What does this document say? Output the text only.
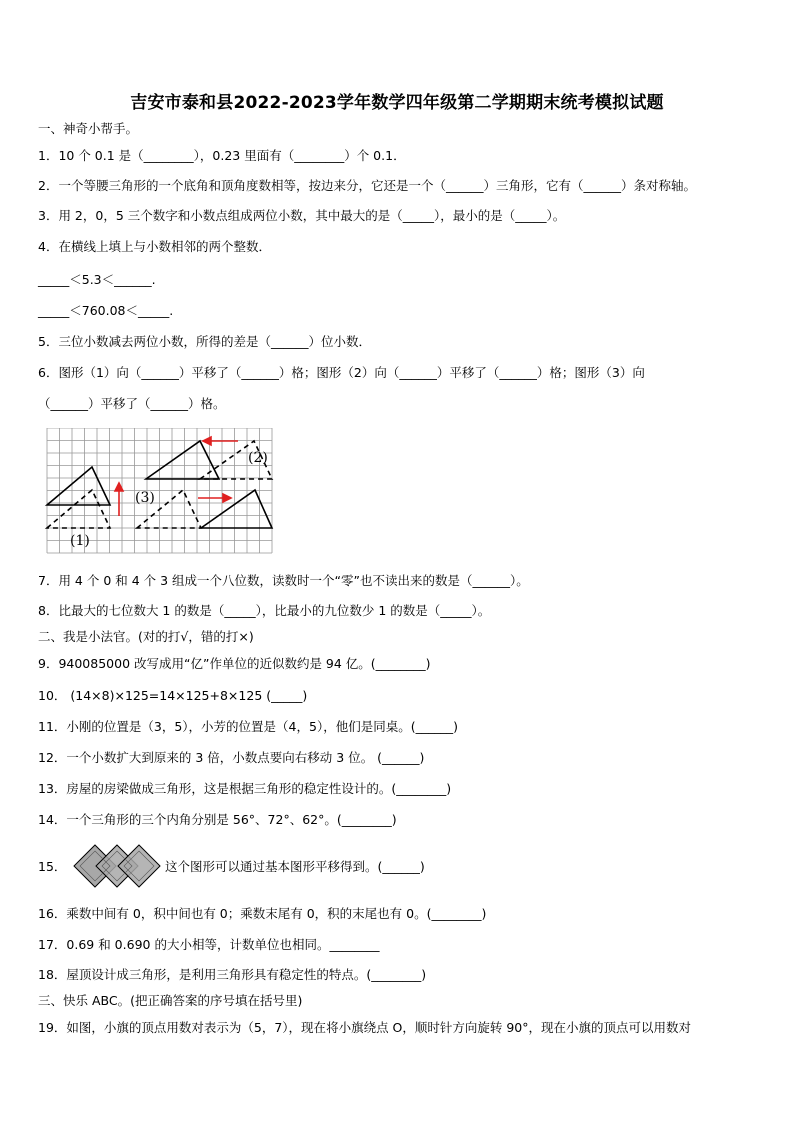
吉安市泰和县2022-2023学年数学四年级第二学期期末统考模拟试题
一、神奇小帮手。
1．10 个 0.1 是（________），0.23 里面有（________）个 0.1．
2．一个等腰三角形的一个底角和顶角度数相等，按边来分，它还是一个（______）三角形，它有（______）条对称轴。
3．用 2，0，5 三个数字和小数点组成两位小数，其中最大的是（_____），最小的是（_____）。
4．在横线上填上与小数相邻的两个整数．
_____＜5.3＜______.
_____＜760.08＜_____.
5．三位小数减去两位小数，所得的差是（______）位小数．
6．图形（1）向（______）平移了（______）格；图形（2）向（______）平移了（______）格；图形（3）向
（______）平移了（______）格。
(1)
(2)
(3)
7．用 4 个 0 和 4 个 3 组成一个八位数，读数时一个“零”也不读出来的数是（______）。
8．比最大的七位数大 1 的数是（_____），比最小的九位数少 1 的数是（_____）。
二、我是小法官。(对的打√，错的打×)
9．940085000 改写成用“亿”作单位的近似数约是 94 亿。(________)
10． (14×8)×125=14×125+8×125 (_____)
11．小刚的位置是（3，5），小芳的位置是（4，5），他们是同桌。(______)
12．一个小数扩大到原来的 3 倍，小数点要向右移动 3 位。 (______)
13．房屋的房梁做成三角形，这是根据三角形的稳定性设计的。(________)
14．一个三角形的三个内角分别是 56°、72°、62°。(________)
15．	这个图形可以通过基本图形平移得到。(______)
16．乘数中间有 0，积中间也有 0；乘数末尾有 0，积的末尾也有 0。(________)
17．0.69 和 0.690 的大小相等，计数单位也相同。________
18．屋顶设计成三角形，是利用三角形具有稳定性的特点。(________)
三、快乐 ABC。(把正确答案的序号填在括号里)
19．如图，小旗的顶点用数对表示为（5，7），现在将小旗绕点 O，顺时针方向旋转 90°，现在小旗的顶点可以用数对
